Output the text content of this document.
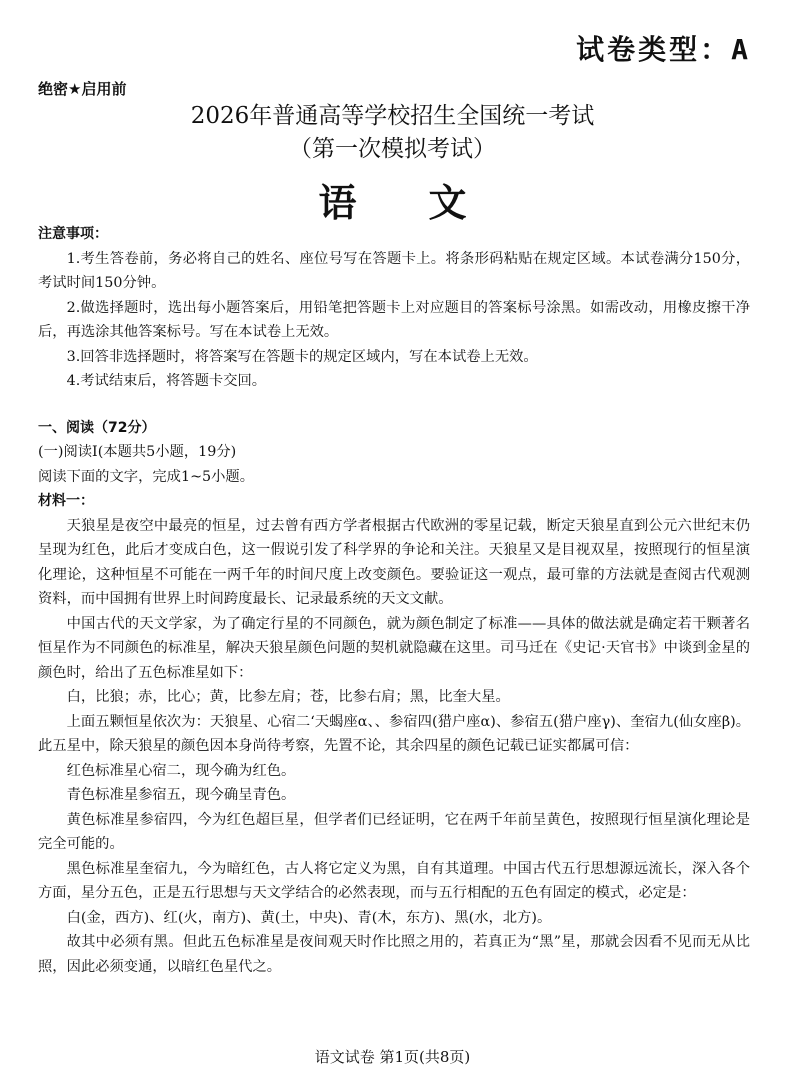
试卷类型：A
绝密★启用前
2026年普通高等学校招生全国统一考试
（第一次模拟考试）
语文

注意事项：

1.考生答卷前，务必将自己的姓名、座位号写在答题卡上。将条形码粘贴在规定区域。本试卷满分150分，考试时间150分钟。

2.做选择题时，选出每小题答案后，用铅笔把答题卡上对应题目的答案标号涂黑。如需改动，用橡皮擦干净后，再选涂其他答案标号。写在本试卷上无效。

3.回答非选择题时，将答案写在答题卡的规定区域内，写在本试卷上无效。

4.考试结束后，将答题卡交回。

一、阅读（72分）

(一)阅读Ⅰ(本题共5小题，19分)

阅读下面的文字，完成1~5小题。

材料一：

天狼星是夜空中最亮的恒星，过去曾有西方学者根据古代欧洲的零星记载，断定天狼星直到公元六世纪末仍呈现为红色，此后才变成白色，这一假说引发了科学界的争论和关注。天狼星又是目视双星，按照现行的恒星演化理论，这种恒星不可能在一两千年的时间尺度上改变颜色。要验证这一观点，最可靠的方法就是查阅古代观测资料，而中国拥有世界上时间跨度最长、记录最系统的天文文献。

中国古代的天文学家，为了确定行星的不同颜色，就为颜色制定了标准——具体的做法就是确定若干颗著名恒星作为不同颜色的标准星，解决天狼星颜色问题的契机就隐藏在这里。司马迁在《史记·天官书》中谈到金星的颜色时，给出了五色标准星如下：

白，比狼；赤，比心；黄，比参左肩；苍，比参右肩；黑，比奎大星。

上面五颗恒星依次为：天狼星、心宿二‘天蝎座α、、参宿四(猎户座α)、参宿五(猎户座γ)、奎宿九(仙女座β)。此五星中，除天狼星的颜色因本身尚待考察，先置不论，其余四星的颜色记载已证实都属可信：

红色标准星心宿二，现今确为红色。

青色标准星参宿五，现今确呈青色。

黄色标准星参宿四，今为红色超巨星，但学者们已经证明，它在两千年前呈黄色，按照现行恒星演化理论是完全可能的。

黑色标准星奎宿九，今为暗红色，古人将它定义为黑，自有其道理。中国古代五行思想源远流长，深入各个方面，星分五色，正是五行思想与天文学结合的必然表现，而与五行相配的五色有固定的模式，必定是：

白(金，西方)、红(火，南方)、黄(土，中央)、青(木，东方)、黑(水，北方)。

故其中必须有黑。但此五色标准星是夜间观天时作比照之用的，若真正为“黑”星，那就会因看不见而无从比照，因此必须变通，以暗红色星代之。

语文试卷 第1页(共8页)
